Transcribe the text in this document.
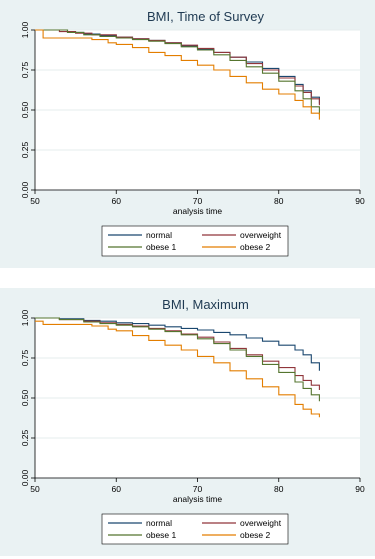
BMI, Time of Survey
0.00
0.25
0.50
0.75
1.00
50	60	70	80	90
analysis time
normal	overweight
obese 1	obese 2
BMI, Maximum
0.00
0.25
0.50
0.75
1.00
50	60	70	80	90
analysis time
normal	overweight
obese 1	obese 2
